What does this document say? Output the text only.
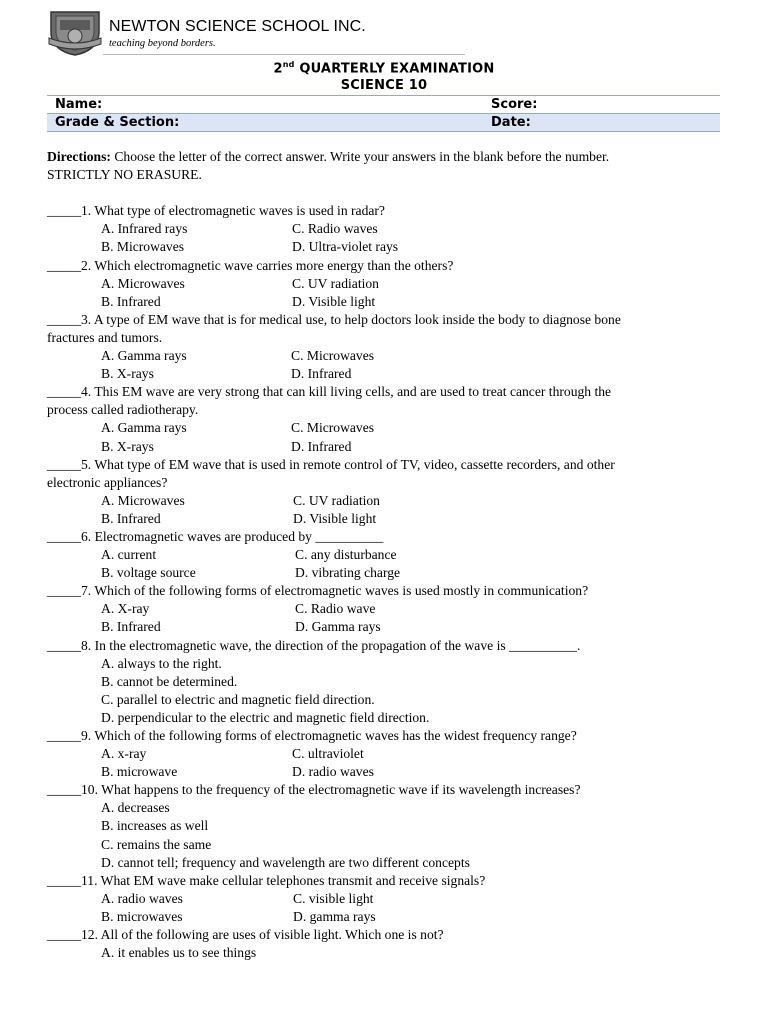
NEWTON SCIENCE SCHOOL INC.
teaching beyond borders.
2nd QUARTERLY EXAMINATION
SCIENCE 10
Name:	Score:
Grade & Section:	Date:
Directions: Choose the letter of the correct answer. Write your answers in the blank before the number.
STRICTLY NO ERASURE.
_____1. What type of electromagnetic waves is used in radar?
A. Infrared rays	C. Radio waves
B. Microwaves	D. Ultra-violet rays
_____2. Which electromagnetic wave carries more energy than the others?
A. Microwaves	C. UV radiation
B. Infrared	D. Visible light
_____3. A type of EM wave that is for medical use, to help doctors look inside the body to diagnose bone
fractures and tumors.
A. Gamma rays	C. Microwaves
B. X-rays	D. Infrared
_____4. This EM wave are very strong that can kill living cells, and are used to treat cancer through the
process called radiotherapy.
A. Gamma rays	C. Microwaves
B. X-rays	D. Infrared
_____5. What type of EM wave that is used in remote control of TV, video, cassette recorders, and other
electronic appliances?
A. Microwaves	C. UV radiation
B. Infrared	D. Visible light
_____6. Electromagnetic waves are produced by __________
A. current	C. any disturbance
B. voltage source	D. vibrating charge
_____7. Which of the following forms of electromagnetic waves is used mostly in communication?
A. X-ray	C. Radio wave
B. Infrared	D. Gamma rays
_____8. In the electromagnetic wave, the direction of the propagation of the wave is __________.
A. always to the right.
B. cannot be determined.
C. parallel to electric and magnetic field direction.
D. perpendicular to the electric and magnetic field direction.
_____9. Which of the following forms of electromagnetic waves has the widest frequency range?
A. x-ray	C. ultraviolet
B. microwave	D. radio waves
_____10. What happens to the frequency of the electromagnetic wave if its wavelength increases?
A. decreases
B. increases as well
C. remains the same
D. cannot tell; frequency and wavelength are two different concepts
_____11. What EM wave make cellular telephones transmit and receive signals?
A. radio waves	C. visible light
B. microwaves	D. gamma rays
_____12. All of the following are uses of visible light. Which one is not?
A. it enables us to see things
